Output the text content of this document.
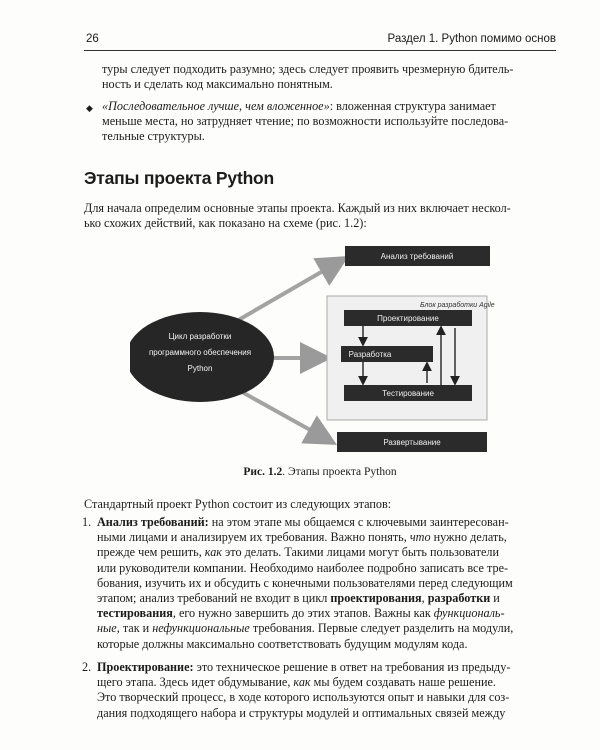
26	Раздел 1. Python помимо основ
туры следует подходить разумно; здесь следует проявить чрезмерную бдитель-
ность и сделать код максимально понятным.
◆ «Последовательное лучше, чем вложенное»: вложенная структура занимает
меньше места, но затрудняет чтение; по возможности используйте последова-
тельные структуры.
Этапы проекта Python
Для начала определим основные этапы проекта. Каждый из них включает нескол-
ько схожих действий, как показано на схеме (рис. 1.2):
Цикл разработки
программного обеспечения
Python
Анализ требований
Блок разработки Agile
Проектирование
Разработка
Тестирование
Развертывание
Рис. 1.2. Этапы проекта Python
Стандартный проект Python состоит из следующих этапов:
1. Анализ требований: на этом этапе мы общаемся с ключевыми заинтересован-
ными лицами и анализируем их требования. Важно понять, что нужно делать,
прежде чем решить, как это делать. Такими лицами могут быть пользователи
или руководители компании. Необходимо наиболее подробно записать все тре-
бования, изучить их и обсудить с конечными пользователями перед следующим
этапом; анализ требований не входит в цикл проектирования, разработки и
тестирования, его нужно завершить до этих этапов. Важны как функциональ-
ные, так и нефункциональные требования. Первые следует разделить на модули,
которые должны максимально соответствовать будущим модулям кода.
2. Проектирование: это техническое решение в ответ на требования из предыду-
щего этапа. Здесь идет обдумывание, как мы будем создавать наше решение.
Это творческий процесс, в ходе которого используются опыт и навыки для соз-
дания подходящего набора и структуры модулей и оптимальных связей между
